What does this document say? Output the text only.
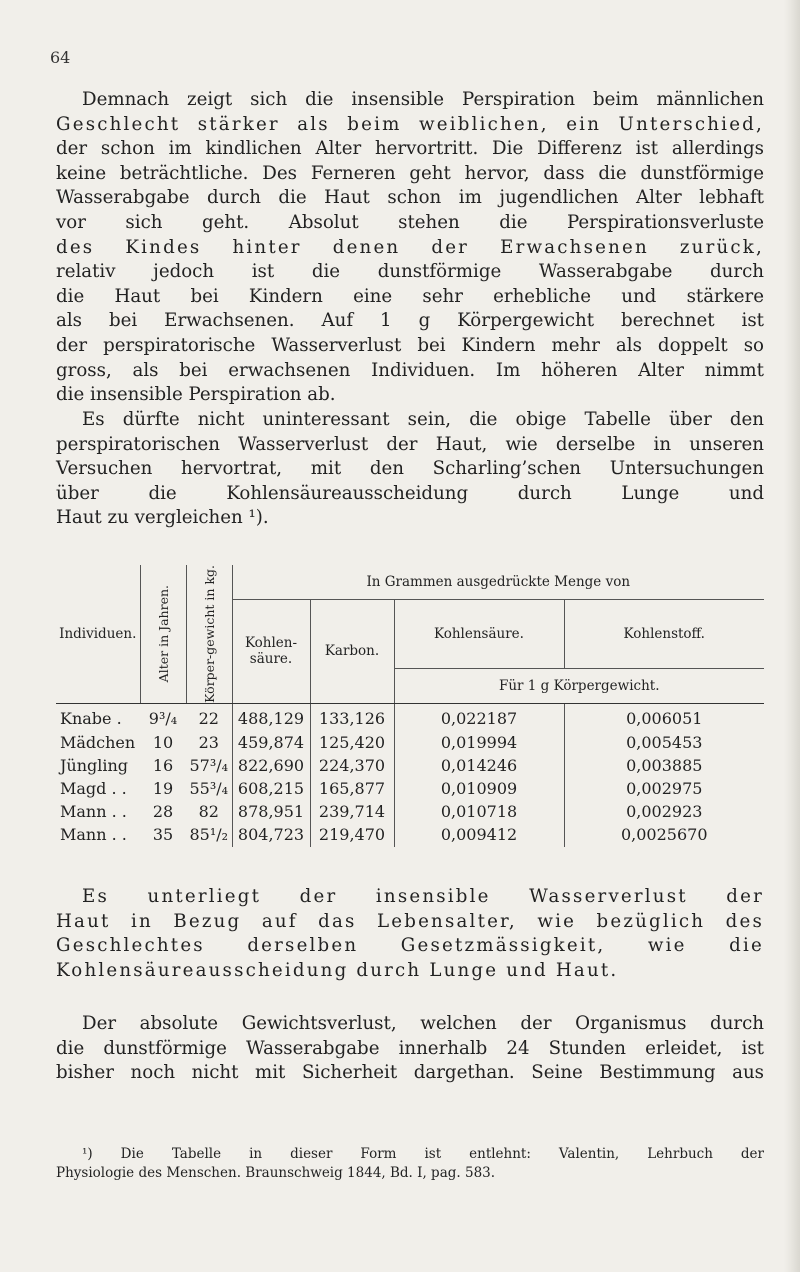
64
Demnach zeigt sich die insensible Perspiration beim männlichen
Geschlecht stärker als beim weiblichen, ein Unterschied,
der schon im kindlichen Alter hervortritt. Die Differenz ist allerdings
keine beträchtliche. Des Ferneren geht hervor, dass die dunstförmige
Wasserabgabe durch die Haut schon im jugendlichen Alter lebhaft
vor sich geht. Absolut stehen die Perspirationsverluste
des Kindes hinter denen der Erwachsenen zurück,
relativ jedoch ist die dunstförmige Wasserabgabe durch
die Haut bei Kindern eine sehr erhebliche und stärkere
als bei Erwachsenen. Auf 1 g Körpergewicht berechnet ist
der perspiratorische Wasserverlust bei Kindern mehr als doppelt so
gross, als bei erwachsenen Individuen. Im höheren Alter nimmt
die insensible Perspiration ab.
Es dürfte nicht uninteressant sein, die obige Tabelle über den
perspiratorischen Wasserverlust der Haut, wie derselbe in unseren
Versuchen hervortrat, mit den Scharling’schen Untersuchungen
über die Kohlensäureausscheidung durch Lunge und
Haut zu vergleichen ¹).
Individuen.	Alter in Jahren.	Körper-gewicht in kg.	In Grammen ausgedrückte Menge von			
			Kohlen-säure.	Karbon.	Kohlensäure.	Kohlenstoff.
					Für 1 g Körpergewicht.	
Knabe .	9³/₄	22	488,129	133,126	0,022187	0,006051
Mädchen	10	23	459,874	125,420	0,019994	0,005453
Jüngling	16	57³/₄	822,690	224,370	0,014246	0,003885
Magd . .	19	55³/₄	608,215	165,877	0,010909	0,002975
Mann . .	28	82	878,951	239,714	0,010718	0,002923
Mann . .	35	85¹/₂	804,723	219,470	0,009412	0,0025670
Es unterliegt der insensible Wasserverlust der
Haut in Bezug auf das Lebensalter, wie bezüglich des
Geschlechtes derselben Gesetzmässigkeit, wie die
Kohlensäureausscheidung durch Lunge und Haut.
Der absolute Gewichtsverlust, welchen der Organismus durch
die dunstförmige Wasserabgabe innerhalb 24 Stunden erleidet, ist
bisher noch nicht mit Sicherheit dargethan. Seine Bestimmung aus
¹) Die Tabelle in dieser Form ist entlehnt: Valentin, Lehrbuch der
Physiologie des Menschen. Braunschweig 1844, Bd. I, pag. 583.
